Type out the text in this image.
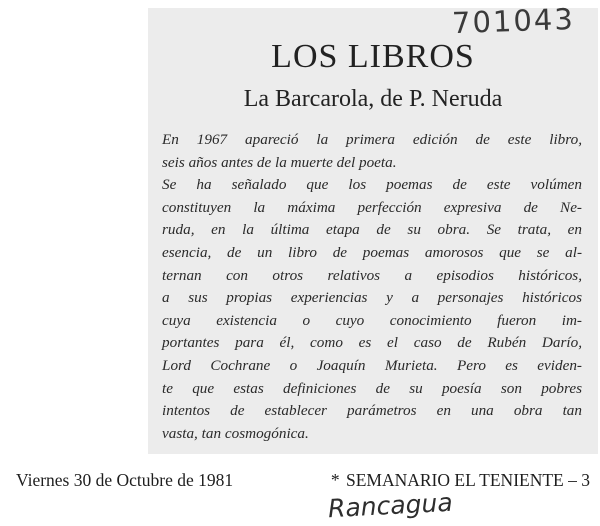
701043
LOS LIBROS
La Barcarola, de P. Neruda
En 1967 apareció la primera edición de este libro,
seis años antes de la muerte del poeta.
Se ha señalado que los poemas de este volúmen
constituyen la máxima perfección expresiva de Ne-
ruda, en la última etapa de su obra. Se trata, en
esencia, de un libro de poemas amorosos que se al-
ternan con otros relativos a episodios históricos,
a sus propias experiencias y a personajes históricos
cuya existencia o cuyo conocimiento fueron im-
portantes para él, como es el caso de Rubén Darío,
Lord Cochrane o Joaquín Murieta. Pero es eviden-
te que estas definiciones de su poesía son pobres
intentos de establecer parámetros en una obra tan
vasta, tan cosmogónica.
Viernes 30 de Octubre de 1981	* SEMANARIO EL TENIENTE – 3
Rancagua
